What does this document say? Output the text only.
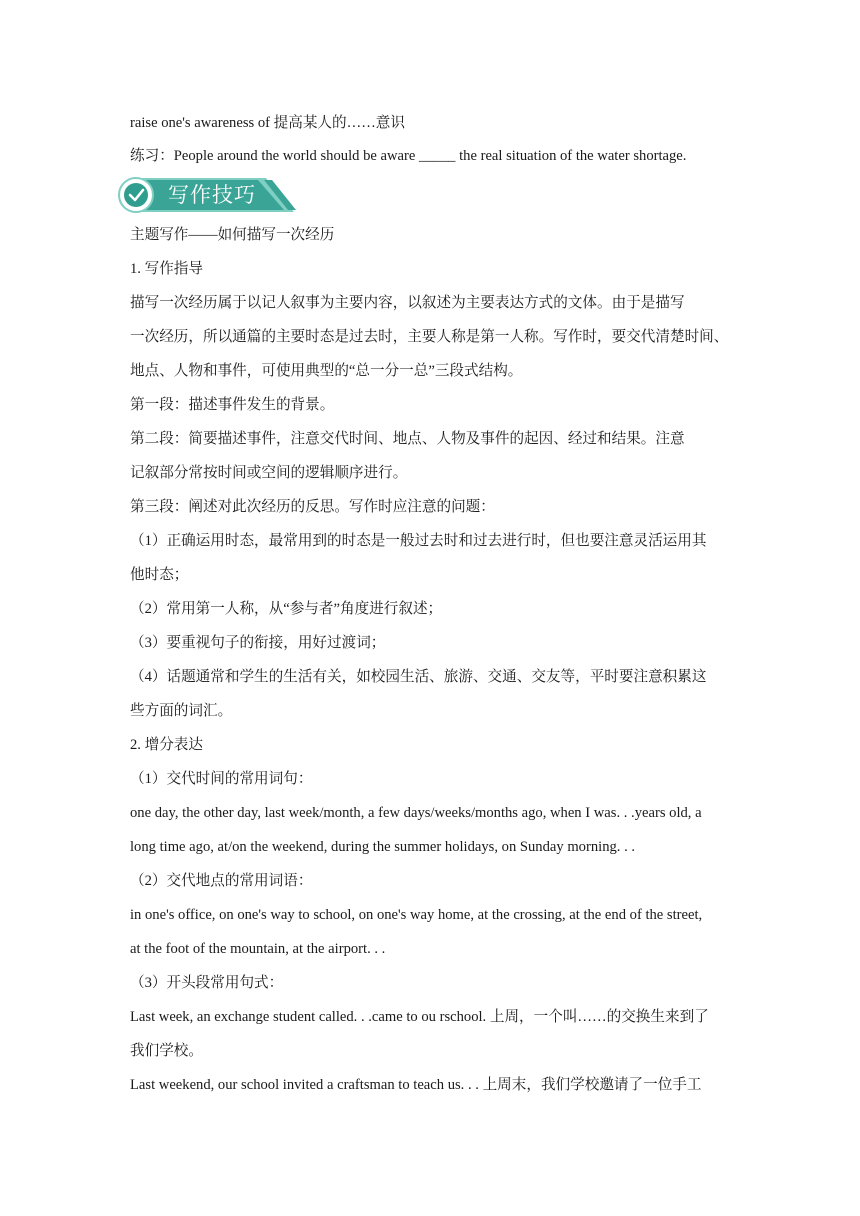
raise one's awareness of 提高某人的……意识
练习：People around the world should be aware _____ the real situation of the water shortage.
写作技巧
主题写作——如何描写一次经历
1. 写作指导
描写一次经历属于以记人叙事为主要内容，以叙述为主要表达方式的文体。由于是描写
一次经历，所以通篇的主要时态是过去时，主要人称是第一人称。写作时，要交代清楚时间、
地点、人物和事件，可使用典型的“总一分一总”三段式结构。
第一段：描述事件发生的背景。
第二段：简要描述事件，注意交代时间、地点、人物及事件的起因、经过和结果。注意
记叙部分常按时间或空间的逻辑顺序进行。
第三段：阐述对此次经历的反思。写作时应注意的问题：
（1）正确运用时态，最常用到的时态是一般过去时和过去进行时，但也要注意灵活运用其
他时态；
（2）常用第一人称，从“参与者”角度进行叙述；
（3）要重视句子的衔接，用好过渡词；
（4）话题通常和学生的生活有关，如校园生活、旅游、交通、交友等，平时要注意积累这
些方面的词汇。
2. 增分表达
（1）交代时间的常用词句：
one day, the other day, last week/month, a few days/weeks/months ago, when I was. . .years old, a
long time ago, at/on the weekend, during the summer holidays, on Sunday morning. . .
（2）交代地点的常用词语：
in one's office, on one's way to school, on one's way home, at the crossing, at the end of the street,
at the foot of the mountain, at the airport. . .
（3）开头段常用句式：
Last week, an exchange student called. . .came to ou rschool. 上周，一个叫……的交换生来到了
我们学校。
Last weekend, our school invited a craftsman to teach us. . . 上周末，我们学校邀请了一位手工
